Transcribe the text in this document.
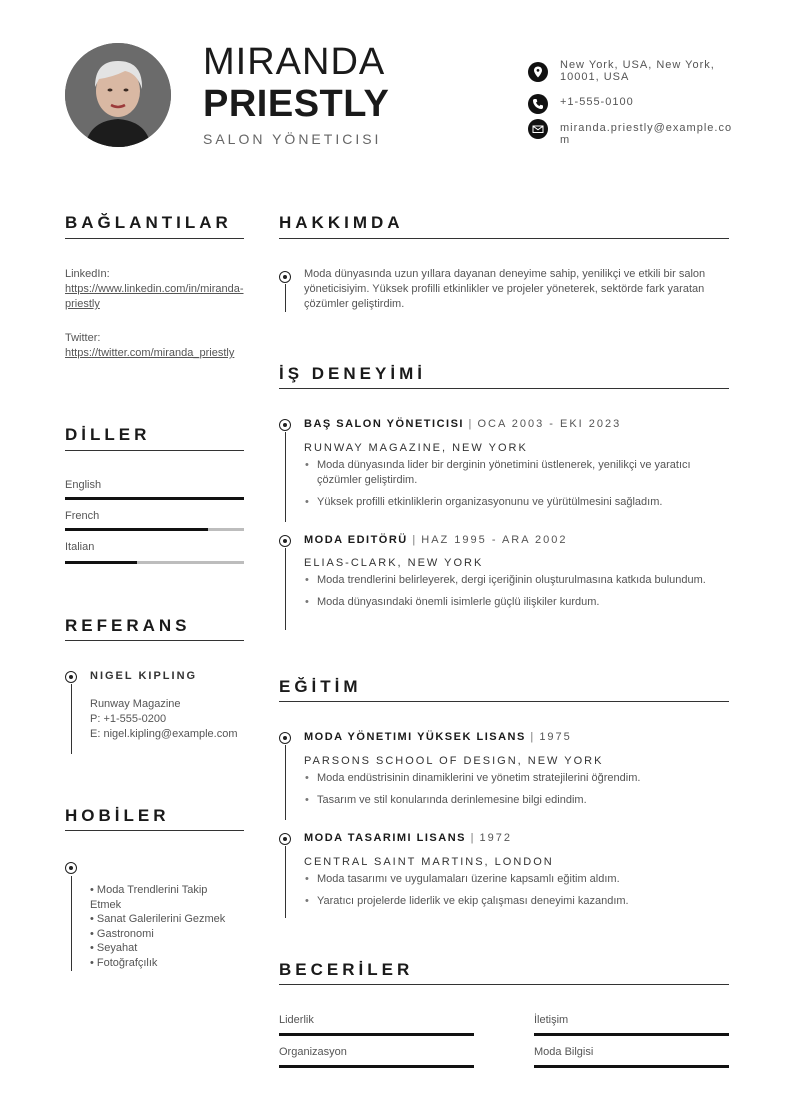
MIRANDA
PRIESTLY
SALON YÖNETICISI
New York, USA, New York, 10001, USA
+1-555-0100
miranda.priestly@example.com
BAĞLANTILAR
LinkedIn:
https://www.linkedin.com/in/miranda-priestly
Twitter:
https://twitter.com/miranda_priestly
DİLLER
English
French
Italian
REFERANS
NIGEL KIPLING
Runway Magazine
P: +1-555-0200
E: nigel.kipling@example.com
HOBİLER
• Moda Trendlerini Takip Etmek
• Sanat Galerilerini Gezmek
• Gastronomi
• Seyahat
• Fotoğrafçılık
HAKKIMDA
Moda dünyasında uzun yıllara dayanan deneyime sahip, yenilikçi ve etkili bir salon yöneticisiyim. Yüksek profilli etkinlikler ve projeler yöneterek, sektörde fark yaratan çözümler geliştirdim.
İŞ DENEYİMİ
BAŞ SALON YÖNETICISI | OCA 2003 - EKI 2023
RUNWAY MAGAZINE, NEW YORK
• Moda dünyasında lider bir derginin yönetimini üstlenerek, yenilikçi ve yaratıcı çözümler geliştirdim.
• Yüksek profilli etkinliklerin organizasyonunu ve yürütülmesini sağladım.
MODA EDITÖRÜ | HAZ 1995 - ARA 2002
ELIAS-CLARK, NEW YORK
• Moda trendlerini belirleyerek, dergi içeriğinin oluşturulmasına katkıda bulundum.
• Moda dünyasındaki önemli isimlerle güçlü ilişkiler kurdum.
EĞİTİM
MODA YÖNETIMI YÜKSEK LISANS | 1975
PARSONS SCHOOL OF DESIGN, NEW YORK
• Moda endüstrisinin dinamiklerini ve yönetim stratejilerini öğrendim.
• Tasarım ve stil konularında derinlemesine bilgi edindim.
MODA TASARIMI LISANS | 1972
CENTRAL SAINT MARTINS, LONDON
• Moda tasarımı ve uygulamaları üzerine kapsamlı eğitim aldım.
• Yaratıcı projelerde liderlik ve ekip çalışması deneyimi kazandım.
BECERİLER
Liderlik	İletişim
Organizasyon	Moda Bilgisi
